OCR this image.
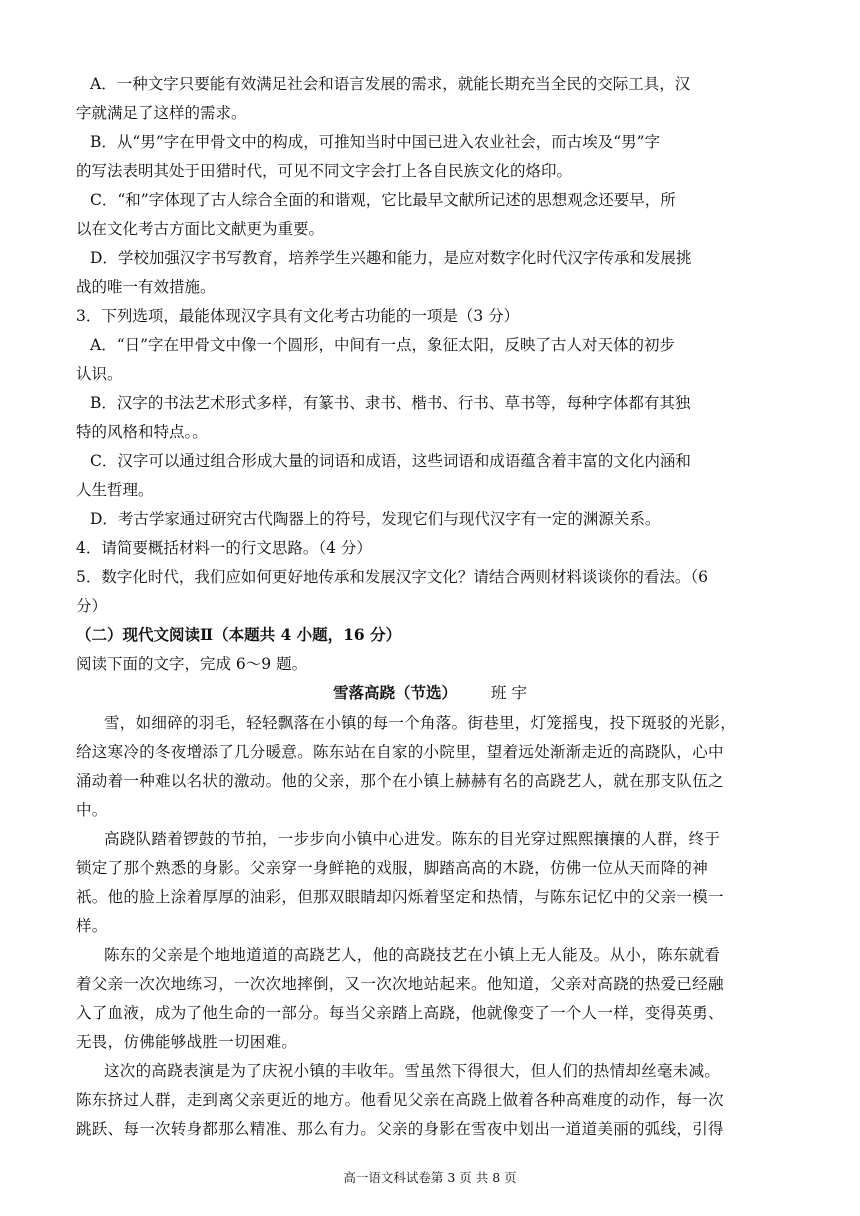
A．一种文字只要能有效满足社会和语言发展的需求，就能长期充当全民的交际工具，汉
字就满足了这样的需求。
B．从“男”字在甲骨文中的构成，可推知当时中国已进入农业社会，而古埃及“男”字
的写法表明其处于田猎时代，可见不同文字会打上各自民族文化的烙印。
C．“和”字体现了古人综合全面的和谐观，它比最早文献所记述的思想观念还要早，所
以在文化考古方面比文献更为重要。
D．学校加强汉字书写教育，培养学生兴趣和能力，是应对数字化时代汉字传承和发展挑
战的唯一有效措施。
3．下列选项，最能体现汉字具有文化考古功能的一项是（3 分）
A．“日”字在甲骨文中像一个圆形，中间有一点，象征太阳，反映了古人对天体的初步
认识。
B．汉字的书法艺术形式多样，有篆书、隶书、楷书、行书、草书等，每种字体都有其独
特的风格和特点。。
C．汉字可以通过组合形成大量的词语和成语，这些词语和成语蕴含着丰富的文化内涵和
人生哲理。
D．考古学家通过研究古代陶器上的符号，发现它们与现代汉字有一定的渊源关系。
4．请简要概括材料一的行文思路。（4 分）
5．数字化时代，我们应如何更好地传承和发展汉字文化？请结合两则材料谈谈你的看法。（6
分）
（二）现代文阅读Ⅱ（本题共 4 小题，16 分）
阅读下面的文字，完成 6～9 题。
雪落高跷（节选） 班 宇
雪，如细碎的羽毛，轻轻飘落在小镇的每一个角落。街巷里，灯笼摇曳，投下斑驳的光影，
给这寒冷的冬夜增添了几分暖意。陈东站在自家的小院里，望着远处渐渐走近的高跷队，心中
涌动着一种难以名状的激动。他的父亲，那个在小镇上赫赫有名的高跷艺人，就在那支队伍之
中。
高跷队踏着锣鼓的节拍，一步步向小镇中心进发。陈东的目光穿过熙熙攘攘的人群，终于
锁定了那个熟悉的身影。父亲穿一身鲜艳的戏服，脚踏高高的木跷，仿佛一位从天而降的神
祇。他的脸上涂着厚厚的油彩，但那双眼睛却闪烁着坚定和热情，与陈东记忆中的父亲一模一
样。
陈东的父亲是个地地道道的高跷艺人，他的高跷技艺在小镇上无人能及。从小，陈东就看
着父亲一次次地练习，一次次地摔倒，又一次次地站起来。他知道，父亲对高跷的热爱已经融
入了血液，成为了他生命的一部分。每当父亲踏上高跷，他就像变了一个人一样，变得英勇、
无畏，仿佛能够战胜一切困难。
这次的高跷表演是为了庆祝小镇的丰收年。雪虽然下得很大，但人们的热情却丝毫未减。
陈东挤过人群，走到离父亲更近的地方。他看见父亲在高跷上做着各种高难度的动作，每一次
跳跃、每一次转身都那么精准、那么有力。父亲的身影在雪夜中划出一道道美丽的弧线，引得
高一语文科试卷第 3 页 共 8 页
